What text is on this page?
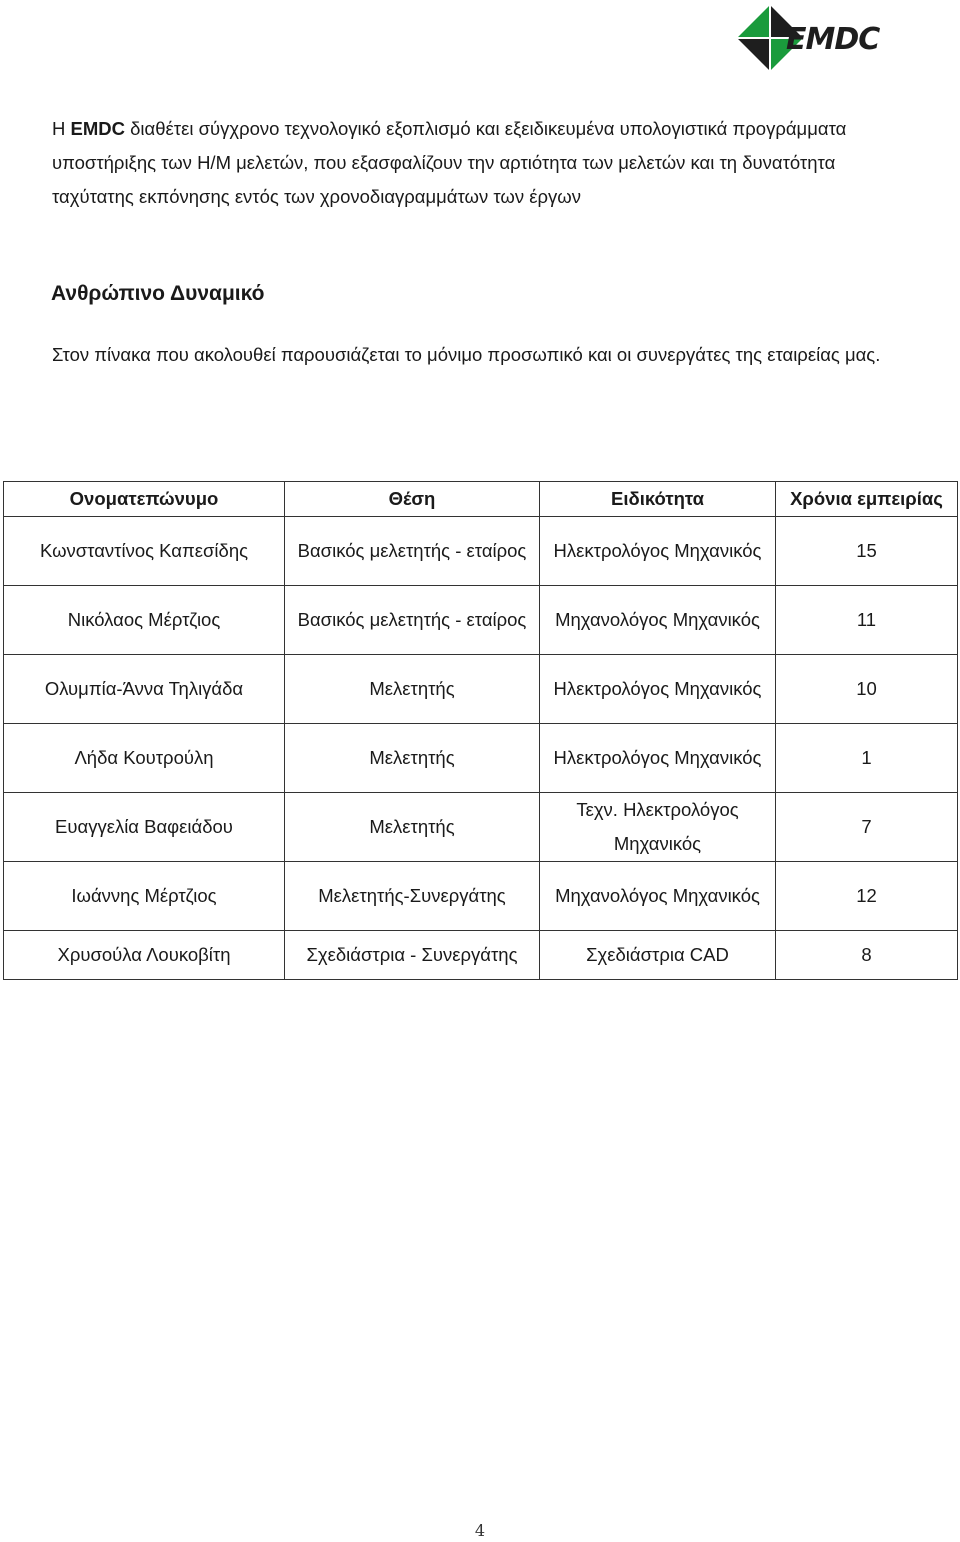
EMDC

Η EMDC διαθέτει σύγχρονο τεχνολογικό εξοπλισμό και εξειδικευμένα υπολογιστικά προγράμματα υποστήριξης των Η/Μ μελετών, που εξασφαλίζουν την αρτιότητα των μελετών και τη δυνατότητα ταχύτατης εκπόνησης εντός των χρονοδιαγραμμάτων των έργων

Ανθρώπινο Δυναμικό

Στον πίνακα που ακολουθεί παρουσιάζεται το μόνιμο προσωπικό και οι συνεργάτες της εταιρείας μας.

Ονοματεπώνυμο	Θέση	Ειδικότητα	Χρόνια εμπειρίας
Κωνσταντίνος Καπεσίδης	Βασικός μελετητής - εταίρος	Ηλεκτρολόγος Μηχανικός	15
Νικόλαος Μέρτζιος	Βασικός μελετητής - εταίρος	Μηχανολόγος Μηχανικός	11
Ολυμπία-Άννα Τηλιγάδα	Μελετητής	Ηλεκτρολόγος Μηχανικός	10
Λήδα Κουτρούλη	Μελετητής	Ηλεκτρολόγος Μηχανικός	1
Ευαγγελία Βαφειάδου	Μελετητής	Τεχν. Ηλεκτρολόγος Μηχανικός	7
Ιωάννης Μέρτζιος	Μελετητής-Συνεργάτης	Μηχανολόγος Μηχανικός	12
Χρυσούλα Λουκοβίτη	Σχεδιάστρια - Συνεργάτης	Σχεδιάστρια CAD	8
4
